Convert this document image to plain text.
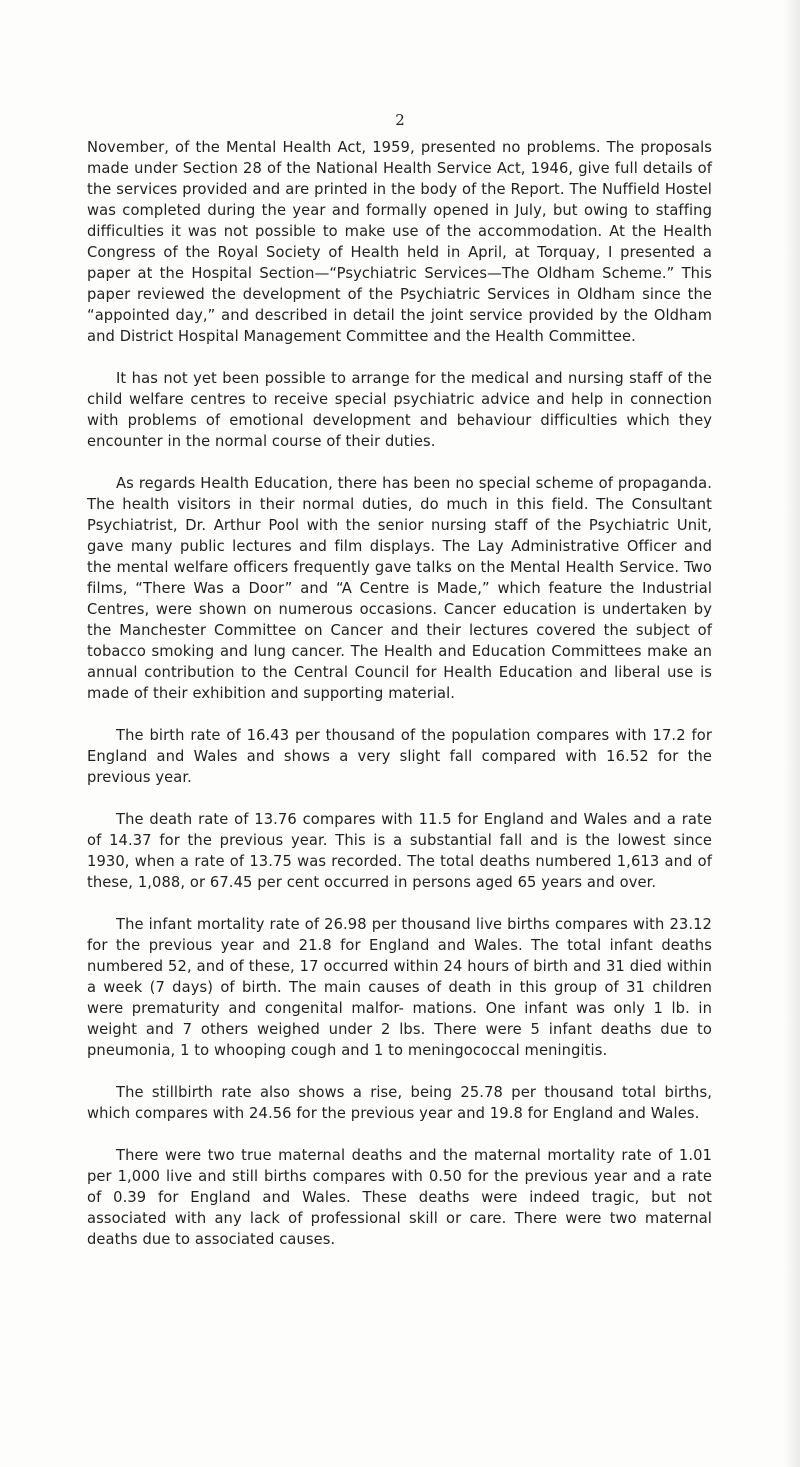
2

November, of the Mental Health Act, 1959, presented no problems. The proposals made under Section 28 of the National Health Service Act, 1946, give full details of the services provided and are printed in the body of the Report. The Nuffield Hostel was completed during the year and formally opened in July, but owing to staffing difficulties it was not possible to make use of the accommodation. At the Health Congress of the Royal Society of Health held in April, at Torquay, I presented a paper at the Hospital Section—“Psychiatric Services—The Oldham Scheme.” This paper reviewed the development of the Psychiatric Services in Oldham since the “appointed day,” and described in detail the joint service provided by the Oldham and District Hospital Management Committee and the Health Committee.

It has not yet been possible to arrange for the medical and nursing staff of the child welfare centres to receive special psychiatric advice and help in connection with problems of emotional development and behaviour difficulties which they encounter in the normal course of their duties.

As regards Health Education, there has been no special scheme of propaganda. The health visitors in their normal duties, do much in this field. The Consultant Psychiatrist, Dr. Arthur Pool with the senior nursing staff of the Psychiatric Unit, gave many public lectures and film displays. The Lay Administrative Officer and the mental welfare officers frequently gave talks on the Mental Health Service. Two films, “There Was a Door” and “A Centre is Made,” which feature the Industrial Centres, were shown on numerous occasions. Cancer education is undertaken by the Manchester Committee on Cancer and their lectures covered the subject of tobacco smoking and lung cancer. The Health and Education Committees make an annual contribution to the Central Council for Health Education and liberal use is made of their exhibition and supporting material.

The birth rate of 16.43 per thousand of the population compares with 17.2 for England and Wales and shows a very slight fall compared with 16.52 for the previous year.

The death rate of 13.76 compares with 11.5 for England and Wales and a rate of 14.37 for the previous year. This is a substantial fall and is the lowest since 1930, when a rate of 13.75 was recorded. The total deaths numbered 1,613 and of these, 1,088, or 67.45 per cent occurred in persons aged 65 years and over.

The infant mortality rate of 26.98 per thousand live births compares with 23.12 for the previous year and 21.8 for England and Wales. The total infant deaths numbered 52, and of these, 17 occurred within 24 hours of birth and 31 died within a week (7 days) of birth. The main causes of death in this group of 31 children were prematurity and congenital malfor- mations. One infant was only 1 lb. in weight and 7 others weighed under 2 lbs. There were 5 infant deaths due to pneumonia, 1 to whooping cough and 1 to meningococcal meningitis.

The stillbirth rate also shows a rise, being 25.78 per thousand total births, which compares with 24.56 for the previous year and 19.8 for England and Wales.

There were two true maternal deaths and the maternal mortality rate of 1.01 per 1,000 live and still births compares with 0.50 for the previous year and a rate of 0.39 for England and Wales. These deaths were indeed tragic, but not associated with any lack of professional skill or care. There were two maternal deaths due to associated causes.
